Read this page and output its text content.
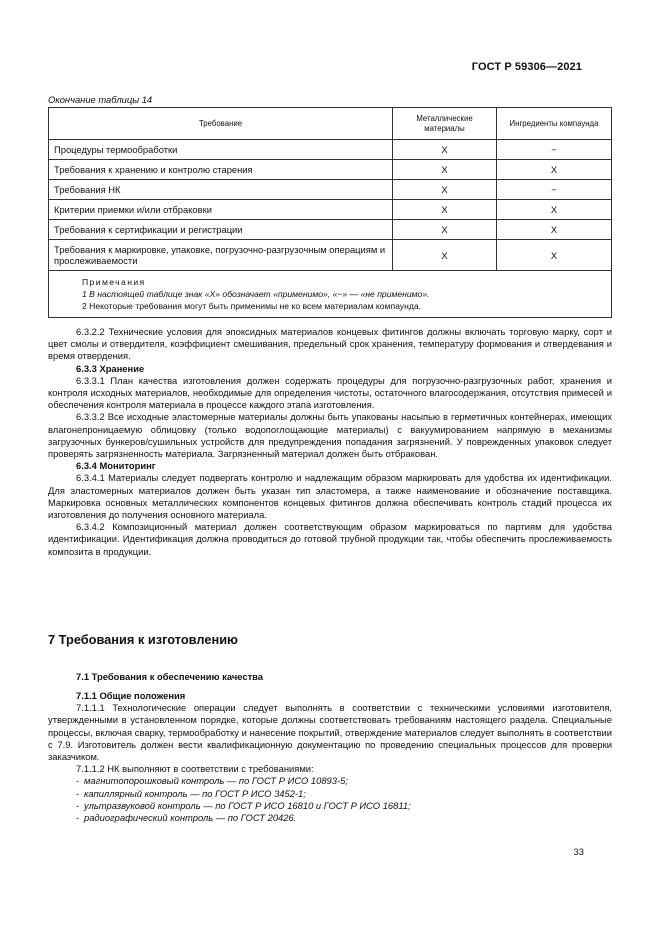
ГОСТ Р 59306—2021
Окончание таблицы 14
Требование	Металлические материалы	Ингредиенты компаунда
Процедуры термообработки	X	−
Требования к хранению и контролю старения	X	X
Требования НК	X	−
Критерии приемки и/или отбраковки	X	X
Требования к сертификации и регистрации	X	X
Требования к маркировке, упаковке, погрузочно-разгрузочным операциям и прослеживаемости	X	X

Примечания
1 В настоящей таблице знак «X» обозначает «применимо», «−» — «не применимо».
2 Некоторые требования могут быть применимы не ко всем материалам компаунда.		

6.3.2.2 Технические условия для эпоксидных материалов концевых фитингов должны включать торговую марку, сорт и цвет смолы и отвердителя, коэффициент смешивания, предельный срок хранения, температуру формования и отвердевания и время отвердения.

6.3.3 Хранение

6.3.3.1 План качества изготовления должен содержать процедуры для погрузочно-разгрузочных работ, хранения и контроля исходных материалов, необходимые для определения чистоты, остаточного влагосодержания, отсутствия примесей и обеспечения контроля материала в процессе каждого этапа изготовления.

6.3.3.2 Все исходные эластомерные материалы должны быть упакованы насыпью в герметичных контейнерах, имеющих влагонепроницаемую облицовку (только водопоглощающие материалы) с вакуумированием напрямую в механизмы загрузочных бункеров/сушильных устройств для предупреждения попадания загрязнений. У поврежденных упаковок следует проверять загрязненность материала. Загрязненный материал должен быть отбракован.

6.3.4 Мониторинг

6.3.4.1 Материалы следует подвергать контролю и надлежащим образом маркировать для удобства их идентификации. Для эластомерных материалов должен быть указан тип эластомера, а также наименование и обозначение поставщика. Маркировка основных металлических компонентов концевых фитингов должна обеспечивать контроль стадий процесса их изготовления до получения основного материала.

6.3.4.2 Композиционный материал должен соответствующим образом маркироваться по партиям для удобства идентификации. Идентификация должна проводиться до готовой трубной продукции так, чтобы обеспечить прослеживаемость композита в продукции.

7 Требования к изготовлению
7.1 Требования к обеспечению качества

7.1.1 Общие положения

7.1.1.1 Технологические операции следует выполнять в соответствии с техническими условиями изготовителя, утвержденными в установленном порядке, которые должны соответствовать требованиям настоящего раздела. Специальные процессы, включая сварку, термообработку и нанесение покрытий, отверждение материалов следует выполнять в соответствии с 7.9. Изготовитель должен вести квалификационную документацию по проведению специальных процессов для проверки заказчиком.

7.1.1.2 НК выполняют в соответствии с требованиями:

- магнитопорошковый контроль — по ГОСТ Р ИСО 10893-5;

- капиллярный контроль — по ГОСТ Р ИСО 3452-1;

- ультразвуковой контроль — по ГОСТ Р ИСО 16810 и ГОСТ Р ИСО 16811;

- радиографический контроль — по ГОСТ 20426.

33
